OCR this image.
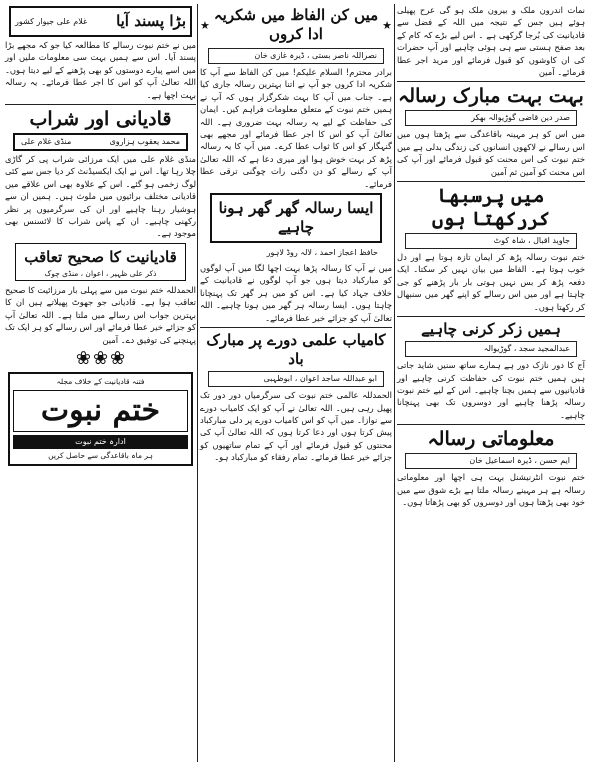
نمات اندرون ملک و بیرون ملک ہو گی عرح پھیلی ہوئے ہیں جس کے نتیجہ میں اللہ کے فضل سے قادیانیت کی بُرجا گرکھی ہے ۔ اس لیے بڑے کہ کام کے بعد صفح ہستی سے ہی ہوئی چاہیے اور آپ حضرات کی ان کاوشوں کو قبول فرمائے اور مرید اجر عطا فرمائے۔ آمین

بہت بہت مبارک رسالہ
صدر دین قاضی گوڑیوالہ بھکر

میں اس کو ہر مہینہ باقاعدگی سے پڑھتا ہوں میں اس رسالے نے لاکھوں انسانوں کی زندگی بدلی ہے میں ختم نبوت کی اس محنت کو قبول فرمائے اور آپ کی اس محنت کو آمین ثم آمین

میں پرسبھا کررکھتا ہوں
جاوید اقبال ، شاہ کوٹ

ختم نبوت رسالہ پڑھ کر ایمان تازہ ہوتا ہے اور دل خوب ہوتا ہے۔ الفاظ میں بیان نہیں کر سکتا۔ ایک دفعہ پڑھ کر بس نہیں ہوتی بار بار پڑھنے کو جی چاہتا ہے اور میں اس رسالے کو اپنے گھر میں سنبھال کر رکھتا ہوں۔

ہمیں زکر کرنی چاہیے
عبدالمجید سجد ، گوڑیوالہ

آج کا دور نازک دور ہے ہمارے ساتھ سنیں شاید جاتی ہیں ہمیں ختم نبوت کی حفاظت کرنی چاہیے اور قادیانیوں سے ہمیں بچنا چاہیے۔ اس کے لیے ختم نبوت رسالہ پڑھنا چاہیے اور دوسروں تک بھی پہنچانا چاہیے۔

معلوماتی رسالہ
ایم حسن ، ڈیرہ اسماعیل خان

ختم نبوت انٹرنیشنل بہت ہی اچھا اور معلوماتی رسالہ ہے ہر مہینے رسالہ ملتا ہے بڑے شوق سے میں خود بھی پڑھتا ہوں اور دوسروں کو بھی پڑھاتا ہوں۔

★
میں کن الفاظ میں شکریہ ادا کروں
★
نصراللہ ناصر بستی ، ڈیرہ غازی خان

برادر محترم! السلام علیکم! میں کن الفاظ سے آپ کا شکریہ ادا کروں جو آپ نے اتنا بہترین رسالہ جاری کیا ہے۔ جناب میں آپ کا بہت شکرگزار ہوں کہ آپ نے ہمیں ختم نبوت کے متعلق معلومات فراہم کیں۔ ایمان کی حفاظت کے لیے یہ رسالہ بہت ضروری ہے۔ اللہ تعالیٰ آپ کو اس کا اجر عطا فرمائے اور مجھے بھی گنہگار کو اس کا ثواب عطا کرے۔ میں آپ کا یہ رسالہ پڑھ کر بہت خوش ہوا اور میری دعا ہے کہ اللہ تعالیٰ آپ کے رسالے کو دن دگنی رات چوگنی ترقی عطا فرمائے۔

ایسا رسالہ گھر گھر ہونا چاہیے
حافظ اعجاز احمد ، لالہ روڈ لاہور

میں نے آپ کا رسالہ پڑھا بہت اچھا لگا میں آپ لوگوں کو مبارکباد دیتا ہوں جو آپ لوگوں نے قادیانیت کے خلاف جہاد کیا ہے۔ اس کو میں ہر گھر تک پہنچانا چاہتا ہوں۔ ایسا رسالہ ہر گھر میں ہونا چاہیے۔ اللہ تعالیٰ آپ کو جزائے خیر عطا فرمائے۔

کامیاب علمی دورے پر مبارک باد
ابو عبداللہ ساجد اعوان ، ابوظہبی

الحمدللہ عالمی ختم نبوت کی سرگرمیاں دور دور تک پھیل رہی ہیں۔ اللہ تعالیٰ نے آپ کو ایک کامیاب دورے سے نوازا۔ میں آپ کو اس کامیاب دورے پر دلی مبارکباد پیش کرتا ہوں اور دعا کرتا ہوں کہ اللہ تعالیٰ آپ کی محنتوں کو قبول فرمائے اور آپ کے تمام ساتھیوں کو جزائے خیر عطا فرمائے۔ تمام رفقاء کو مبارکباد ہو۔

بڑا پسند آیا
غلام علی جیوار کشور

میں نے ختم نبوت رسالے کا مطالعہ کیا جو کہ مجھے بڑا پسند آیا۔ اس سے ہمیں بہت سی معلومات ملیں اور میں اسے پیارے دوستوں کو بھی پڑھنے کے لیے دیتا ہوں۔ اللہ تعالیٰ آپ کو اس کا اجر عطا فرمائے۔ یہ رسالہ بہت اچھا ہے۔

قادیانی اور شراب
محمد یعقوب ہزاروی
منڈی غلام علی

منڈی غلام علی میں ایک مرزائی شراب پی کر گاڑی چلا رہا تھا۔ اس نے ایک ایکسیڈنٹ کر دیا جس سے کئی لوگ زخمی ہو گئے۔ اس کے علاوہ بھی اس علاقے میں قادیانی مختلف برائیوں میں ملوث ہیں۔ ہمیں ان سے ہوشیار رہنا چاہیے اور ان کی سرگرمیوں پر نظر رکھنی چاہیے۔ ان کے پاس شراب کا لائسنس بھی موجود ہے۔

قادیانیت کا صحیح تعاقب
ذکر علی ظہیر ، اعوان ، منڈی چوک

الحمدللہ ختم نبوت میں سے پہلی بار مرزائیت کا صحیح تعاقب ہوا ہے۔ قادیانی جو جھوٹ پھیلاتے ہیں ان کا بہترین جواب اس رسالے میں ملتا ہے۔ اللہ تعالیٰ آپ کو جزائے خیر عطا فرمائے اور اس رسالے کو ہر ایک تک پہنچنے کی توفیق دے۔ آمین

❀
❀
❀
فتنہ قادیانیت کے خلاف مجلہ
ختم نبوت
ادارہ ختم نبوت
ہر ماہ باقاعدگی سے حاصل کریں
